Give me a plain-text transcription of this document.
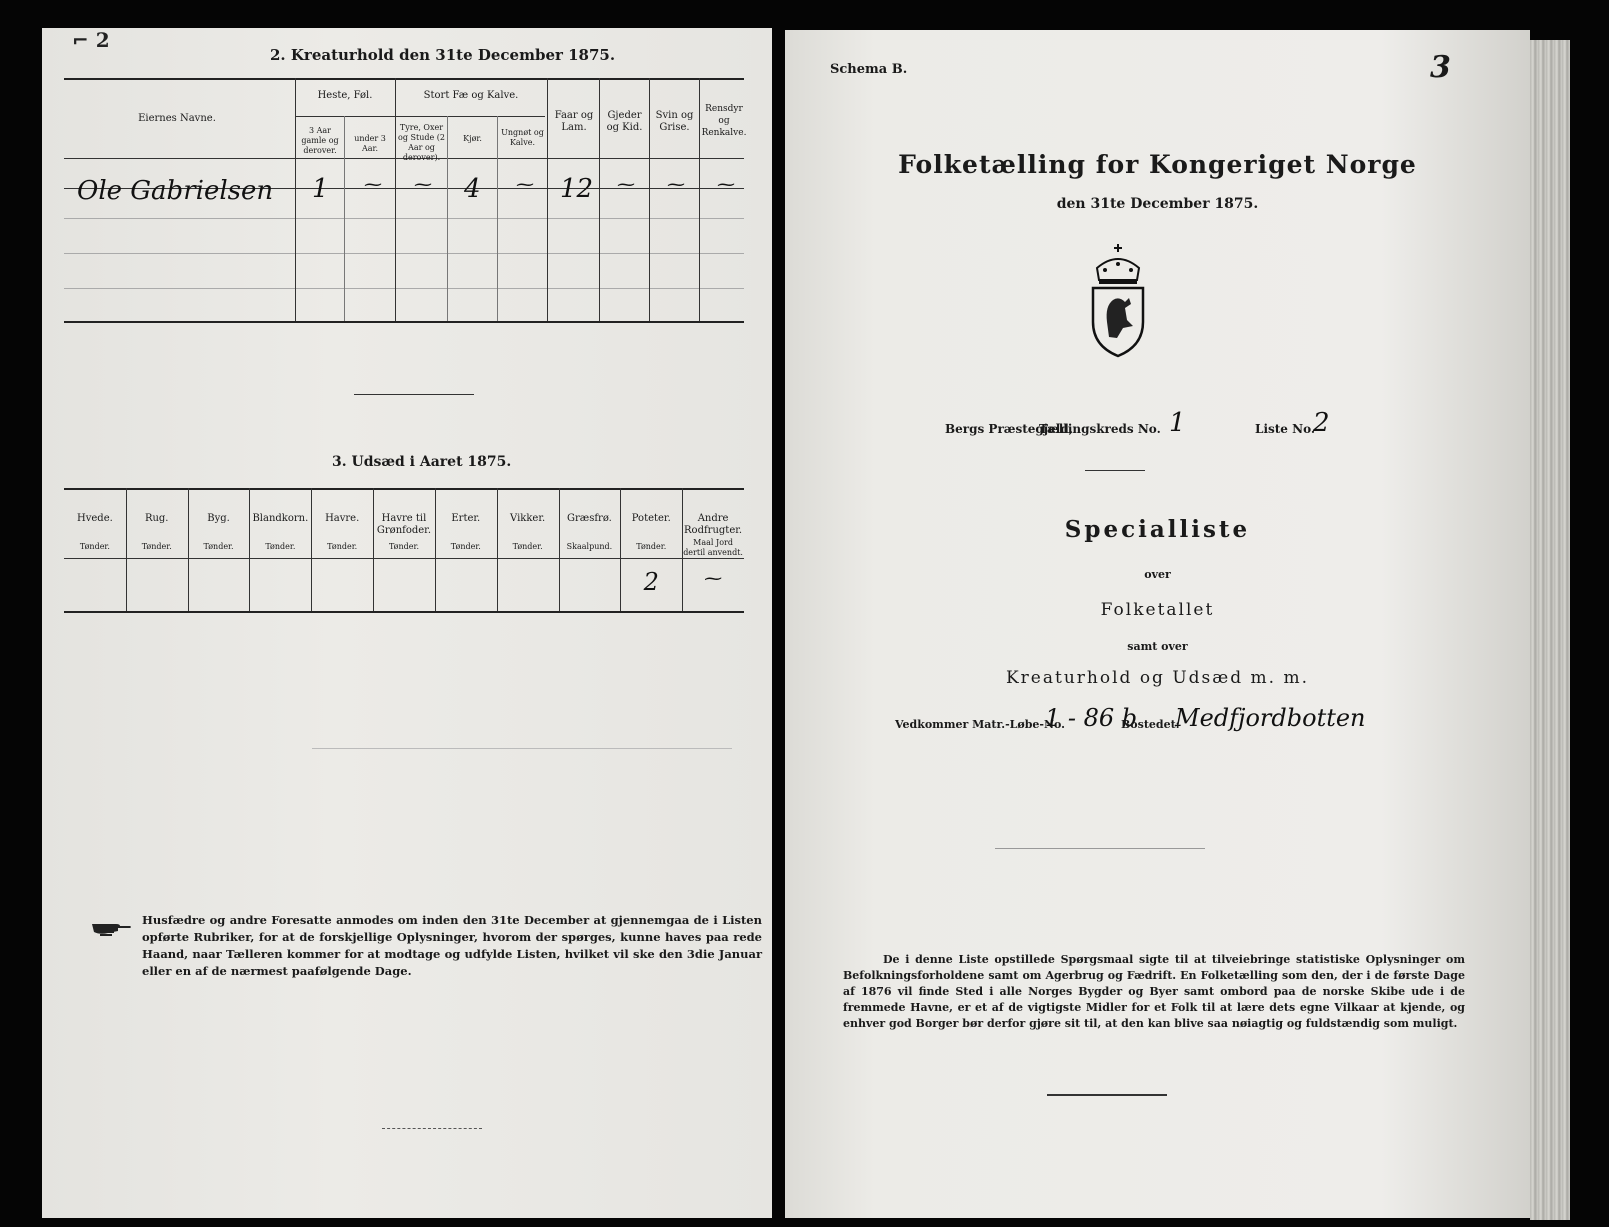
⌐ 2
2. Kreaturhold den 31te December 1875.
Eiernes Navne.
Heste, Føl.
3 Aar gamle og derover.
under 3 Aar.
Stort Fæ og Kalve.
Tyre, Oxer og Stude (2 Aar og derover).
Kjør.
Ungnøt og Kalve.
Faar og Lam.
Gjeder og Kid.
Svin og Grise.
Rensdyr og Renkalve.
Ole Gabrielsen 1 ⁓ ⁓ 4 ⁓ 12 ⁓ ⁓ ⁓
3. Udsæd i Aaret 1875.
Hvede.
Tønder.
Rug.
Tønder.
Byg.
Tønder.
Blandkorn.
Tønder.
Havre.
Tønder.
Havre til Grønfoder.
Tønder.
Erter.
Tønder.
Vikker.
Tønder.
Græsfrø.
Skaalpund.
Poteter.
Tønder.
2
Andre Rodfrugter.
Maal Jord dertil anvendt.
⁓
Husfædre og andre Foresatte anmodes om inden den 31te December at gjennemgaa de i Listen opførte Rubriker, for at de forskjellige Oplysninger, hvorom der spørges, kunne haves paa rede Haand, naar Tælleren kommer for at modtage og udfylde Listen, hvilket vil ske den 3die Januar eller en af de nærmest paafølgende Dage.
Schema B.	3
Folketælling for Kongeriget Norge
den 31te December 1875.
Bergs Præstegjeld,
Tællingskreds No. 1	Liste No.
2
Specialliste
over
Folketallet
samt over
Kreaturhold og Udsæd m. m.
Vedkommer Matr.-Løbe-No.
1 - 86 b
Bostedet:
Medfjordbotten
De i denne Liste opstillede Spørgsmaal sigte til at tilveiebringe statistiske Oplysninger om Befolkningsforholdene samt om Agerbrug og Fædrift. En Folketælling som den, der i de første Dage af 1876 vil finde Sted i alle Norges Bygder og Byer samt ombord paa de norske Skibe ude i de fremmede Havne, er et af de vigtigste Midler for et Folk til at lære dets egne Vilkaar at kjende, og enhver god Borger bør derfor gjøre sit til, at den kan blive saa nøiagtig og fuldstændig som muligt.
